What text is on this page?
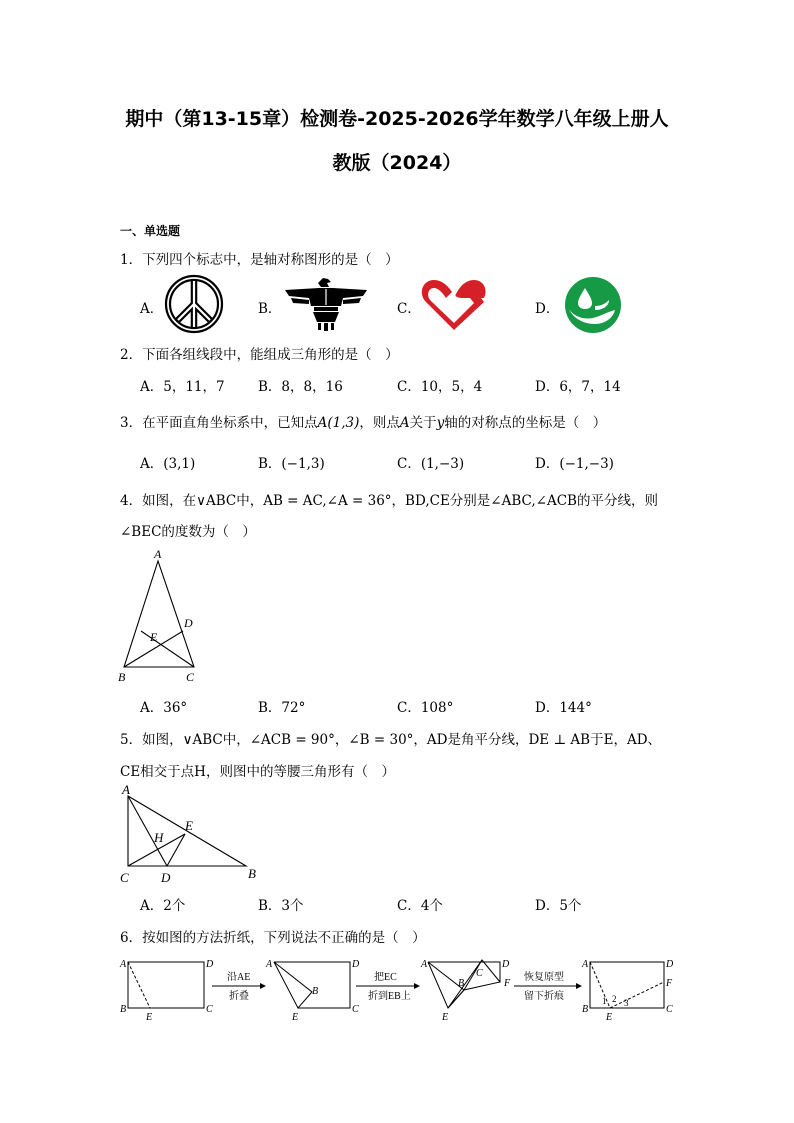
期中（第13-15章）检测卷-2025-2026学年数学八年级上册人
教版（2024）
一、单选题
1．下列四个标志中，是轴对称图形的是（　）
A．	B．	C．	D．
2．下面各组线段中，能组成三角形的是（　）
A．5，11，7 B．8，8，16	C．10，5，4	D．6，7，14
3．在平面直角坐标系中，已知点A(1,3)，则点A关于y轴的对称点的坐标是（　）
A．(3,1)	B．(−1,3)	C．(1,−3)	D．(−1,−3)
4．如图，在∨ABC中，AB = AC,∠A = 36°，BD,CE分别是∠ABC,∠ACB的平分线，则
∠BEC的度数为（　）
A
D
E
B	C
A．36°	B．72°	C．108°	D．144°
5．如图，∨ABC中，∠ACB = 90°，∠B = 30°，AD是角平分线，DE ⊥ AB于E，AD、
CE相交于点H，则图中的等腰三角形有（　）
A
H
E
C D	B
A．2个	B．3个	C．4个	D．5个
6．按如图的方法折纸，下列说法不正确的是（　）
A	D
B
E
C
沿AE
折叠
A	D
B
E
C
把EC
折到EB上
A
C
D
B	F
E
恢复原型
留下折痕
A	D
F
B
E
C
1 2 3
